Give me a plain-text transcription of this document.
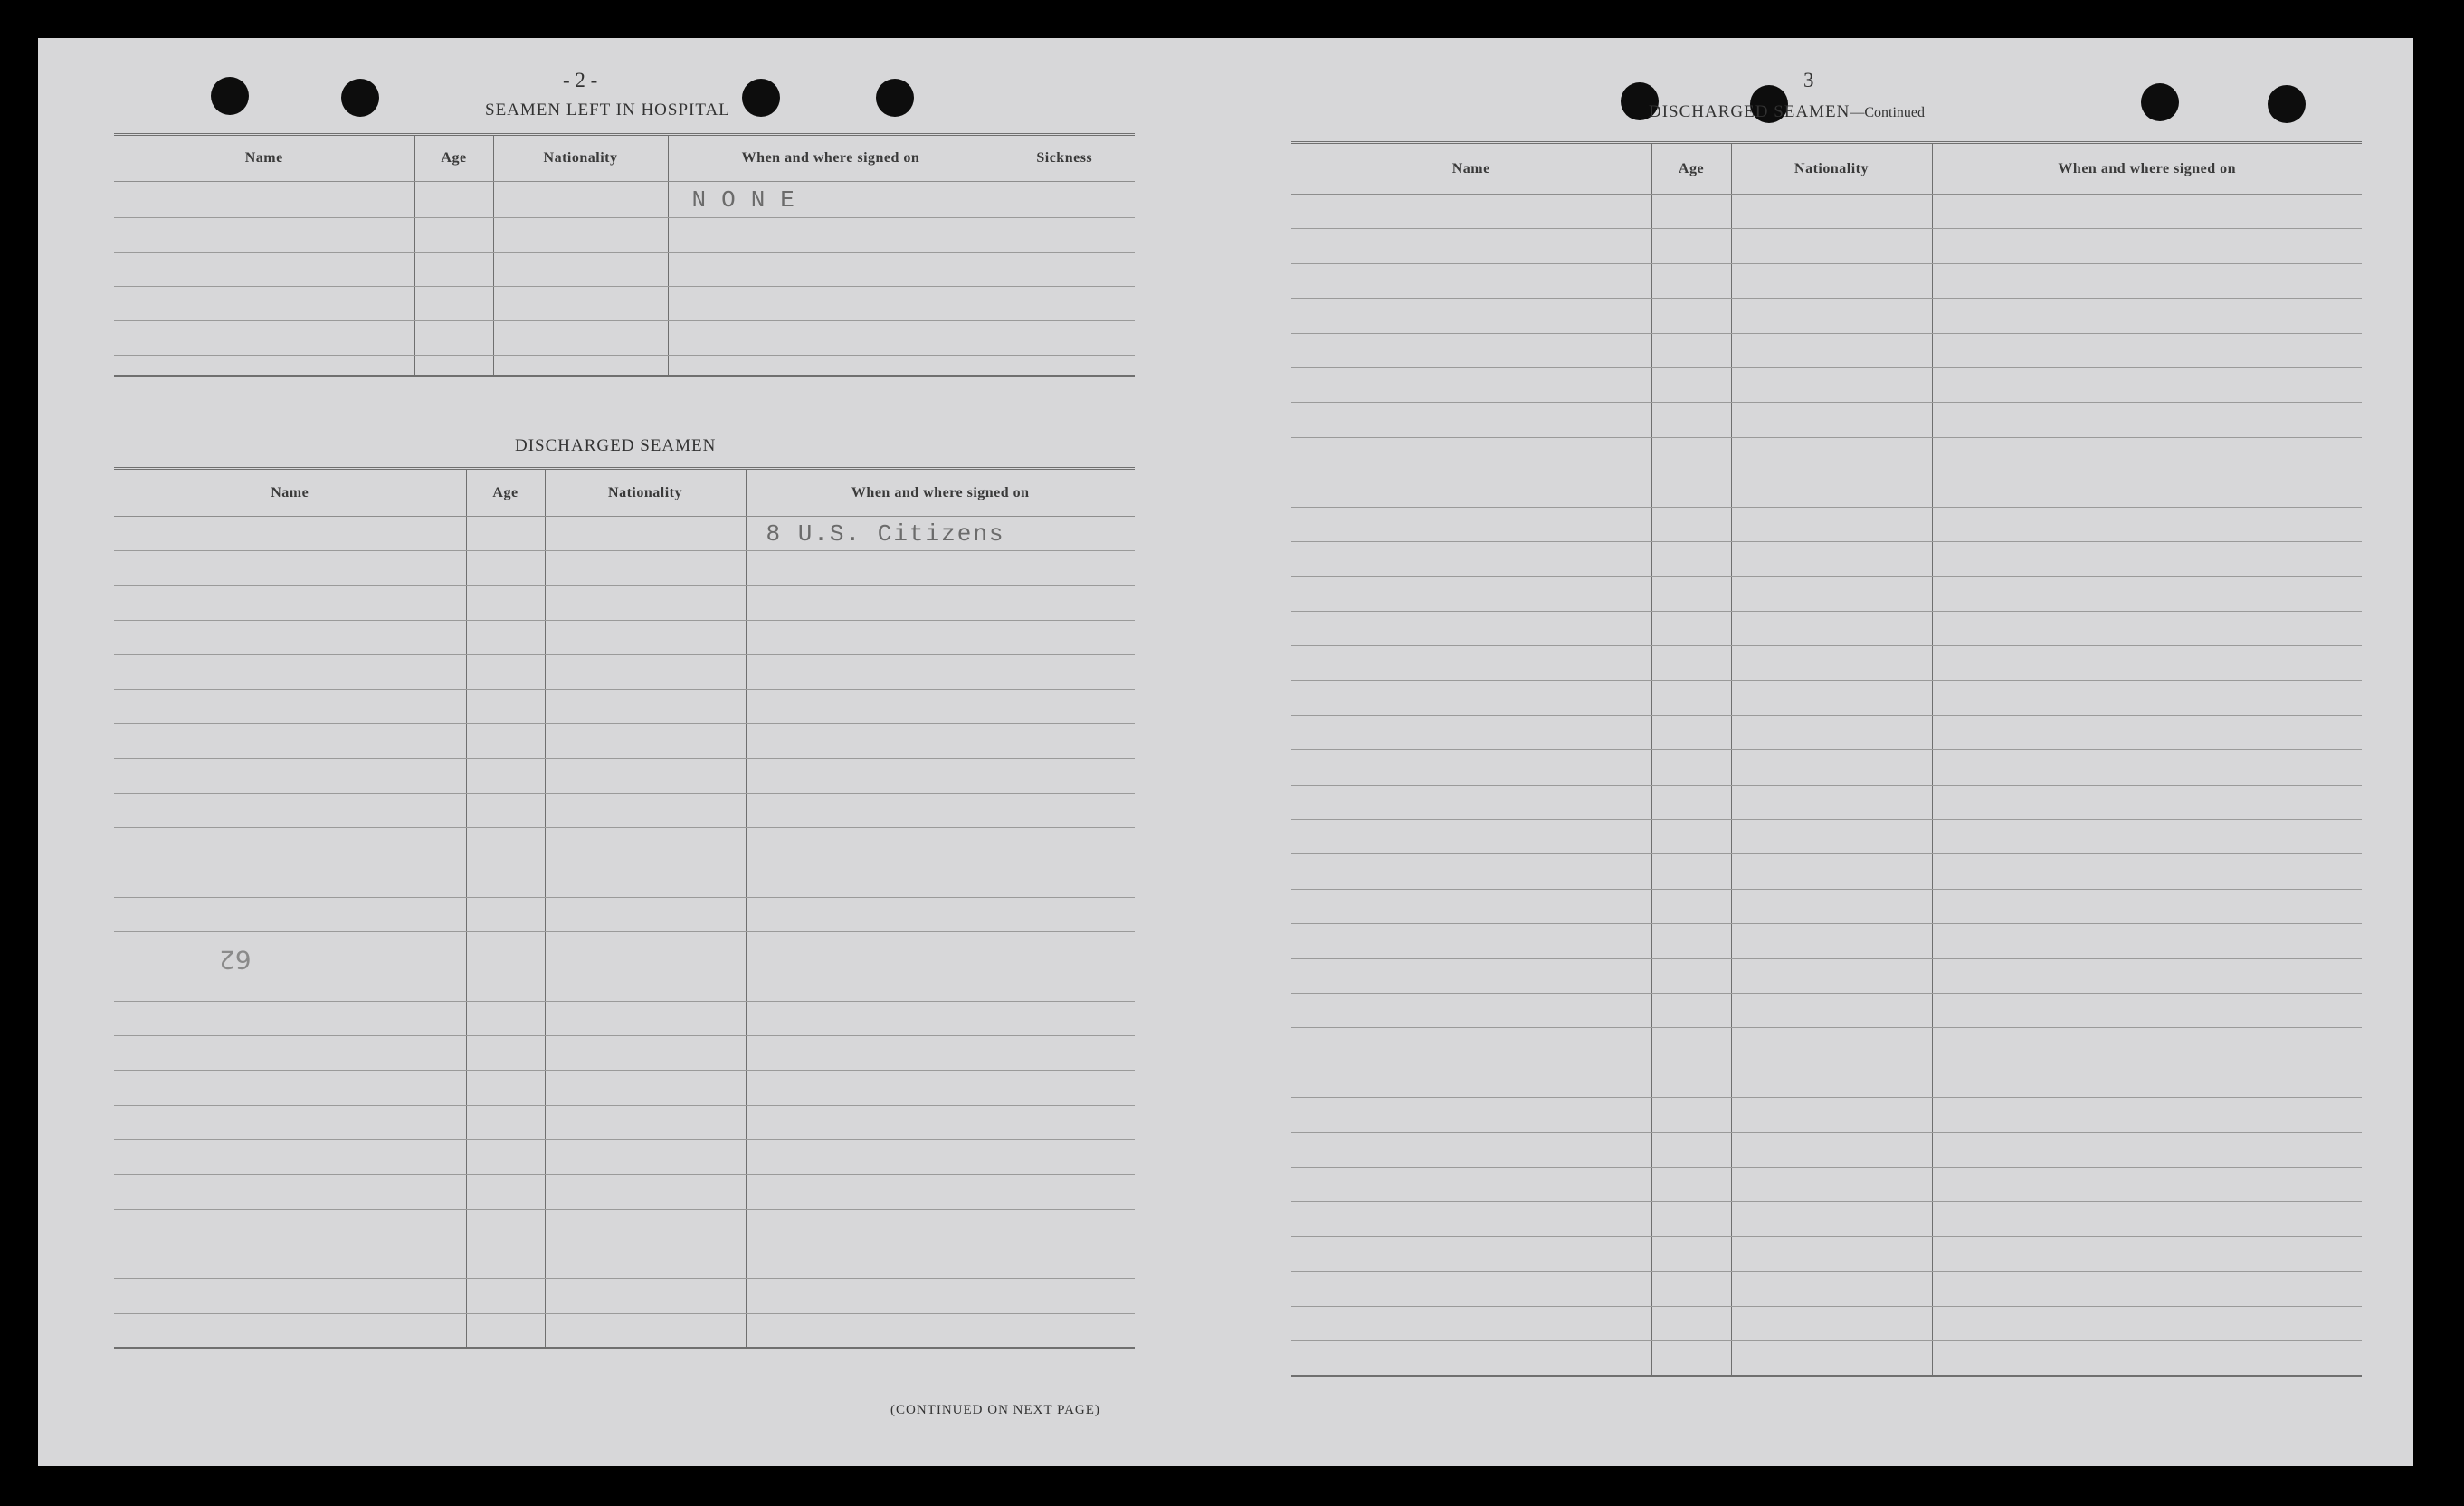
- 2 -
SEAMEN LEFT IN HOSPITAL
Name	Age	Nationality	When and where signed on	Sickness
			NONE	

DISCHARGED SEAMEN
Name	Age	Nationality	When and where signed on
			8 U.S. Citizens

62
(CONTINUED ON NEXT PAGE)
3
DISCHARGED SEAMEN—Continued
Name	Age	Nationality	When and where signed on
